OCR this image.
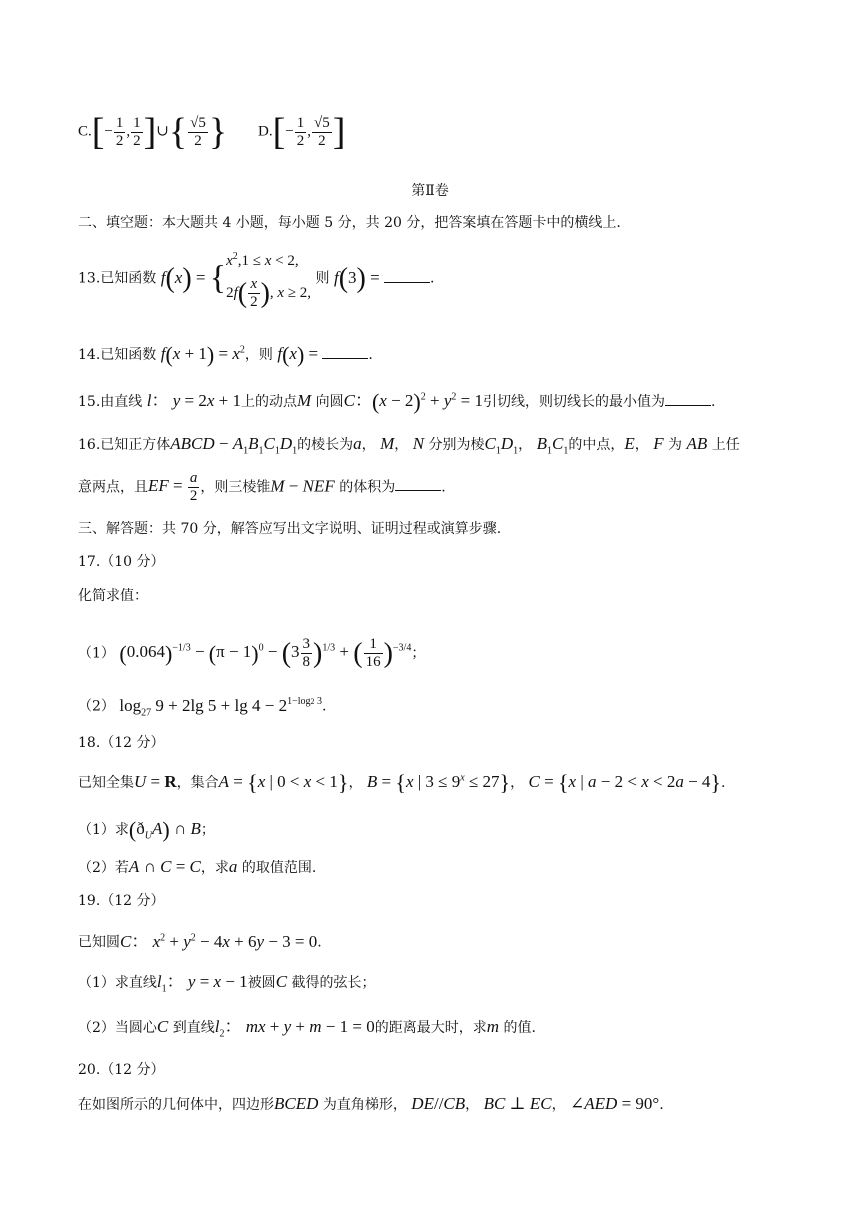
$C.[- \frac{1}{2}$ , $\frac{1}{2}$ ]∪{ $\frac{√5}{2}$ } $D.[- \frac{1}{2}$ , $\frac{√5}{2}$ ]
第Ⅱ卷
二、填空题：本大题共 4 小题，每小题 5 分，共 20 分，把答案填在答题卡中的横线上.
13.已知函数 f(x) = { $x^2,1 \le x < 2$,
$2f( \frac{x}{2}$ ), x ≥ 2,
则 f(3) =	.
14.已知函数 $f(x + 1) = x^2$，则 f(x) =	.
15.由直线 l： y = 2x + 1上的动点M 向圆C：$(x - 2)^2 + y^2 = 1$引切线，则切线长的最小值为	.
16.已知正方体ABCD − $A_1B_1C_1D_1$的棱长为a， M， N 分别为棱$C_1D_1$， $B_1C_1$的中点，E， F 为 AB 上任
意两点，且EF = $\frac{a}{2}$ ，则三棱锥M − NEF 的体积为	.
三、解答题：共 70 分，解答应写出文字说明、证明过程或演算步骤.
17.（10 分）
化简求值：
（1） $(0.064)^{-1/3} - (\pi - 1)^0 - (3 \frac{3}{8} )^{1/3}$ + ( $\frac{1}{16} )^{-3/4}$；
（2） $\log_{27} 9 + 2\lg$ $5 + \lg 4 - 2^{1-log2 3}$.
18.（12 分）
已知全集U = R，集合A = {x | 0 < x < 1}， B = {x | $3 \le 9^x \le 27$}， C = {x | a − 2 < x < 2a − 4}.
（1）求$(ð_UA)$ ∩ B；
（2）若A ∩ C = C，求a 的取值范围.
19.（12 分）
已知圆C： $x^2 + y^2 - 4x + 6y - 3 = 0$.
（1）求直线$l_1$： y = x − 1被圆C 截得的弦长；
（2）当圆心C 到直线$l_2$： mx + y + m − 1 = 0的距离最大时，求m 的值.
20.（12 分）
在如图所示的几何体中，四边形BCED 为直角梯形， DE//CB， BC ⊥ EC， ∠AED = 90°.
